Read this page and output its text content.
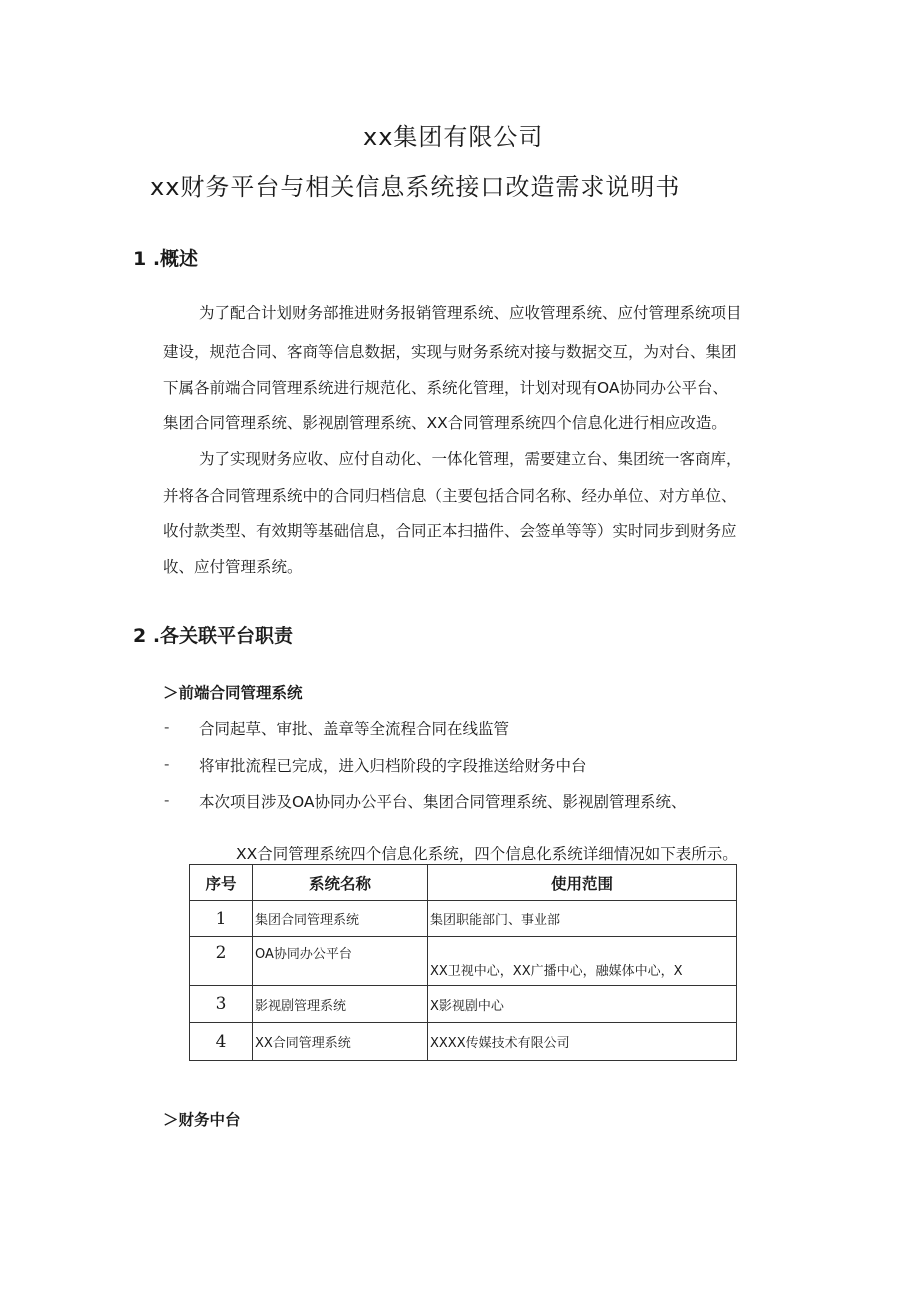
xx集团有限公司
xx财务平台与相关信息系统接口改造需求说明书
1 .概述
为了配合计划财务部推进财务报销管理系统、应收管理系统、应付管理系统项目
建设，规范合同、客商等信息数据，实现与财务系统对接与数据交互，为对台、集团
下属各前端合同管理系统进行规范化、系统化管理，计划对现有OA协同办公平台、
集团合同管理系统、影视剧管理系统、XX合同管理系统四个信息化进行相应改造。
为了实现财务应收、应付自动化、一体化管理，需要建立台、集团统一客商库，
并将各合同管理系统中的合同归档信息（主要包括合同名称、经办单位、对方单位、
收付款类型、有效期等基础信息，合同正本扫描件、会签单等等）实时同步到财务应
收、应付管理系统。
2 .各关联平台职责
＞前端合同管理系统
- 合同起草、审批、盖章等全流程合同在线监管
- 将审批流程已完成，进入归档阶段的字段推送给财务中台
- 本次项目涉及OA协同办公平台、集团合同管理系统、影视剧管理系统、
XX合同管理系统四个信息化系统，四个信息化系统详细情况如下表所示。
序号	系统名称	使用范围
1	集团合同管理系统	集团职能部门、事业部
2	OA协同办公平台	XX卫视中心，XX广播中心，融媒体中心，X
3	影视剧管理系统	X影视剧中心
4	XX合同管理系统	XXXX传媒技术有限公司
＞财务中台
